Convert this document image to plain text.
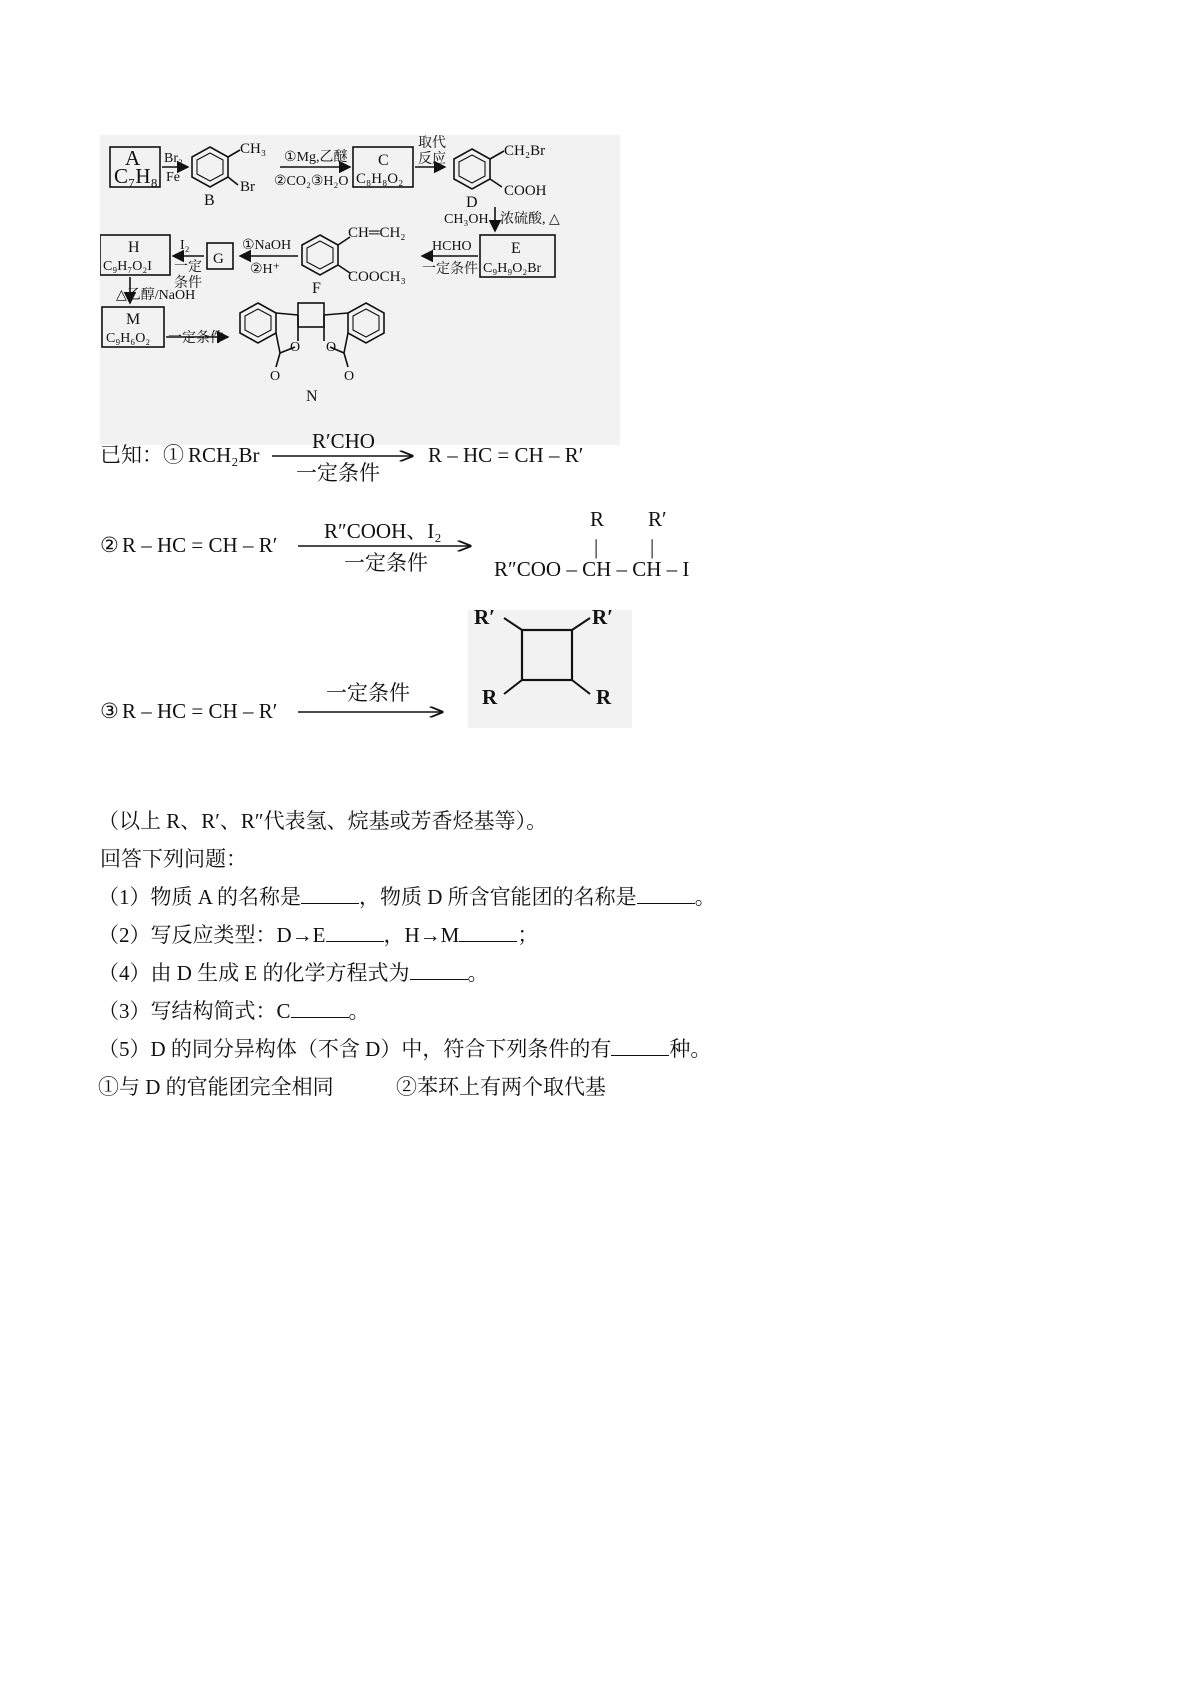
A
C₇H₈
Br₂
Fe
CH₃
Br
B
①Mg,乙醚
②CO₂③H₂O
C
C₈H₈O₂
取代
反应
CH₂Br
COOH
D
CH₃OH 浓硫酸, △
E
C₉H₉O₂Br
HCHO
一定条件
CH═CH₂
COOCH₃
F
①NaOH
②H⁺
G
I₂
一定
条件
H
C₉H₇O₂I
△乙醇/NaOH
M
C₉H₆O₂ 一定条件
O O
O	O
N
已知：① RCH₂Br
R′CHO
一定条件
R – HC = CH – R′
R R′
② R – HC = CH – R′
R″COOH、I₂
一定条件
| |
R″COO – CH – CH – I
③ R – HC = CH – R′
一定条件
R′	R′
R	R
（以上 R、R′、R″代表氢、烷基或芳香烃基等）。
回答下列问题：
（1）物质 A 的名称是	，物质 D 所含官能团的名称是	。
（2）写反应类型：D→E	，H→M	；
（4）由 D 生成 E 的化学方程式为	。
（3）写结构简式：C	。
（5）D 的同分异构体（不含 D）中，符合下列条件的有	种。
①与 D 的官能团完全相同	②苯环上有两个取代基
